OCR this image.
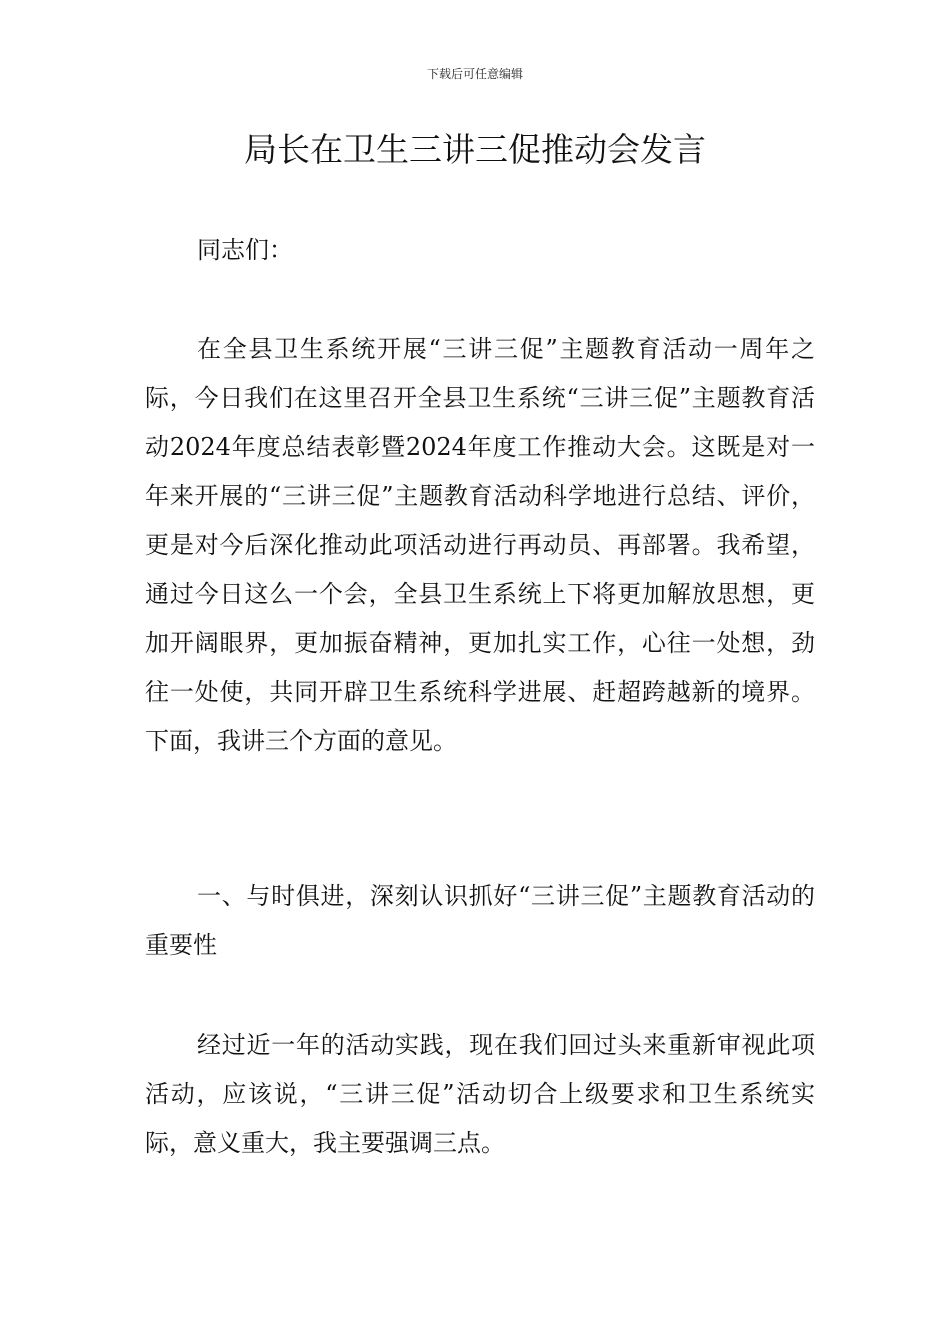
下载后可任意编辑
局长在卫生三讲三促推动会发言

同志们：

在全县卫生系统开展“三讲三促”主题教育活动一周年之际，今日我们在这里召开全县卫生系统“三讲三促”主题教育活动2024年度总结表彰暨2024年度工作推动大会。这既是对一年来开展的“三讲三促”主题教育活动科学地进行总结、评价，更是对今后深化推动此项活动进行再动员、再部署。我希望，通过今日这么一个会，全县卫生系统上下将更加解放思想，更加开阔眼界，更加振奋精神，更加扎实工作，心往一处想，劲往一处使，共同开辟卫生系统科学进展、赶超跨越新的境界。下面，我讲三个方面的意见。

一、与时俱进，深刻认识抓好“三讲三促”主题教育活动的重要性

经过近一年的活动实践，现在我们回过头来重新审视此项活动，应该说，“三讲三促”活动切合上级要求和卫生系统实际，意义重大，我主要强调三点。
